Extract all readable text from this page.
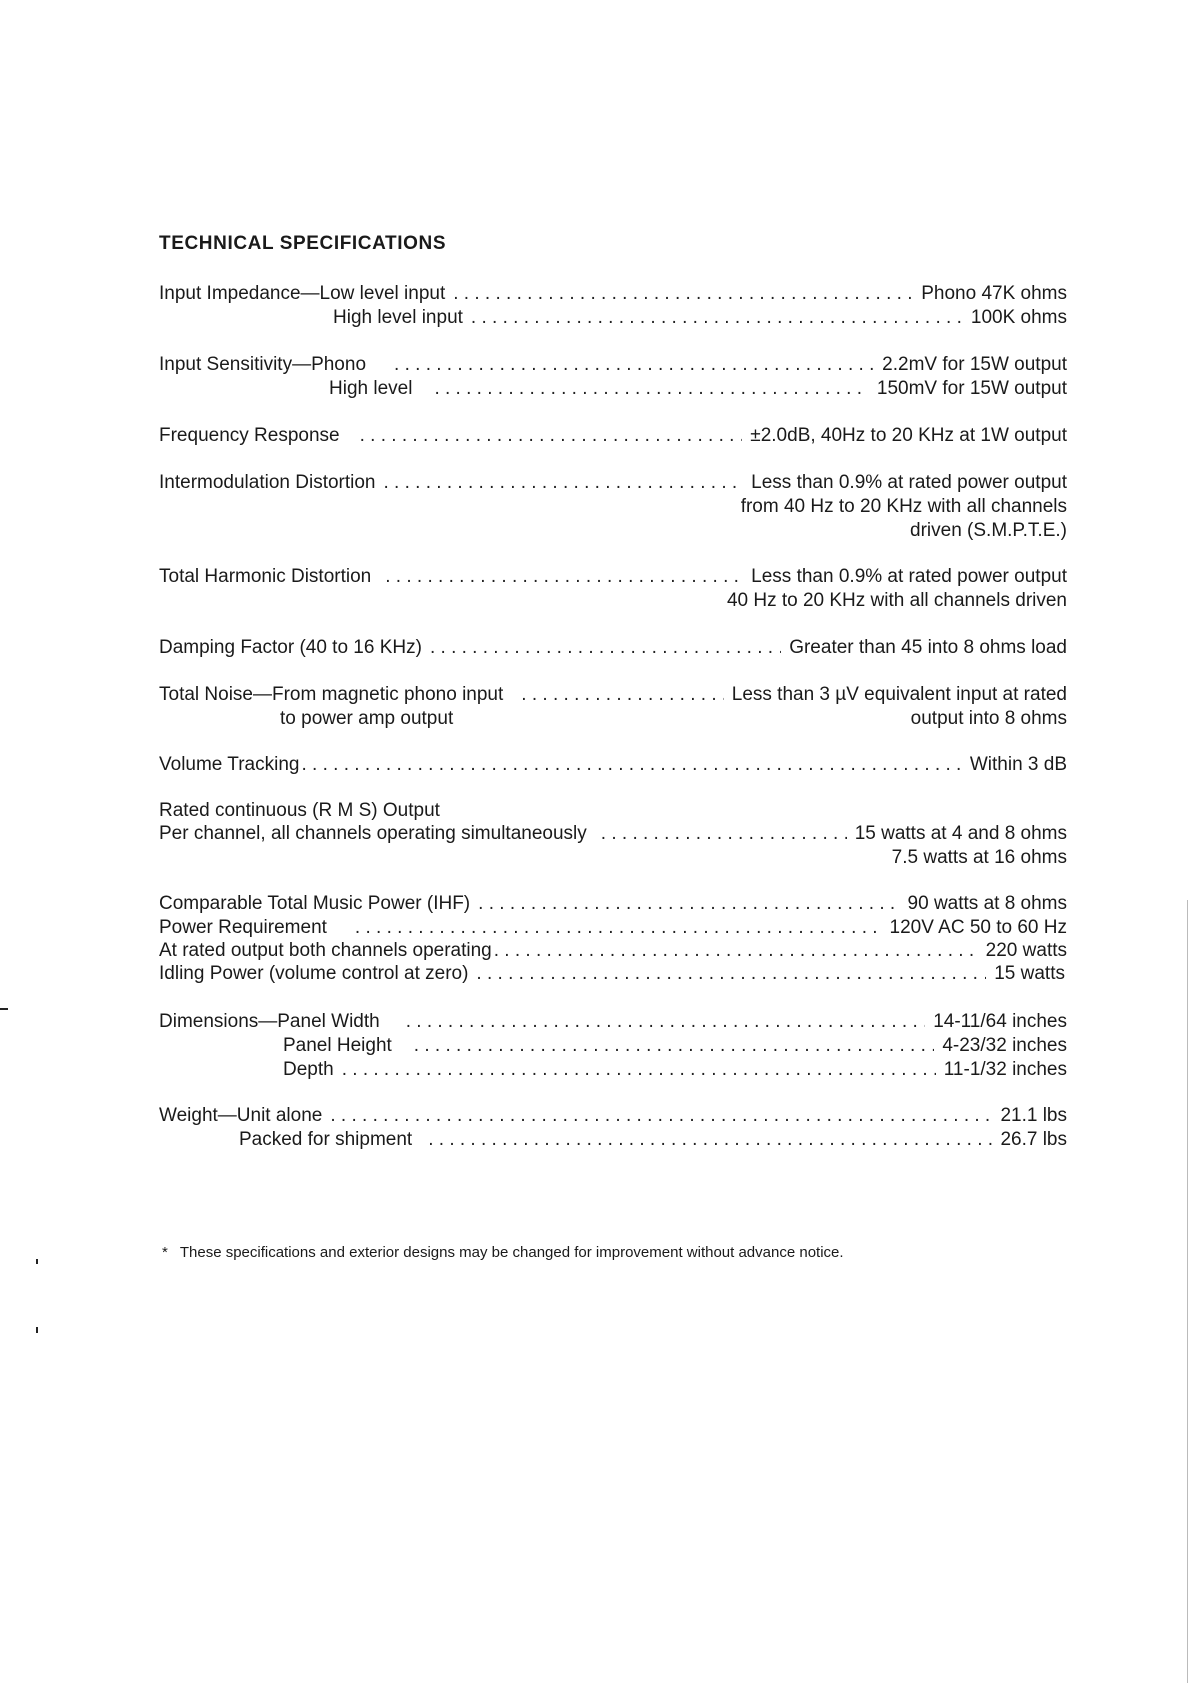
TECHNICAL SPECIFICATIONS
Input Impedance—Low level input . . .	Phono 47K ohms
High level input . . .	100K ohms
Input Sensitivity—Phono . . .	2.2mV for 15W output
High level . . .	150mV for 15W output
Frequency Response . . .	±2.0dB, 40Hz to 20 KHz at 1W output
Intermodulation Distortion . . .	Less than 0.9% at rated power output
from 40 Hz to 20 KHz with all channels
driven (S.M.P.T.E.)
Total Harmonic Distortion . . .	Less than 0.9% at rated power output
40 Hz to 20 KHz with all channels driven
Damping Factor (40 to 16 KHz) . . .	Greater than 45 into 8 ohms load
Total Noise—From magnetic phono input . . .	Less than 3 µV equivalent input at rated
to power amp output	output into 8 ohms
Volume Tracking . . .	Within 3 dB
Rated continuous (R M S) Output
Per channel, all channels operating simultaneously . . .	15 watts at 4 and 8 ohms
7.5 watts at 16 ohms
Comparable Total Music Power (IHF) . . .	90 watts at 8 ohms
Power Requirement . . .	120V AC 50 to 60 Hz
At rated output both channels operating . . .	220 watts
Idling Power (volume control at zero) . . .	15 watts
Dimensions—Panel Width . . .	14-11/64 inches
Panel Height . . .	4-23/32 inches
Depth . . .	11-1/32 inches
Weight—Unit alone . . .	21.1 lbs
Packed for shipment . . .	26.7 lbs
* These specifications and exterior designs may be changed for improvement without advance notice.
